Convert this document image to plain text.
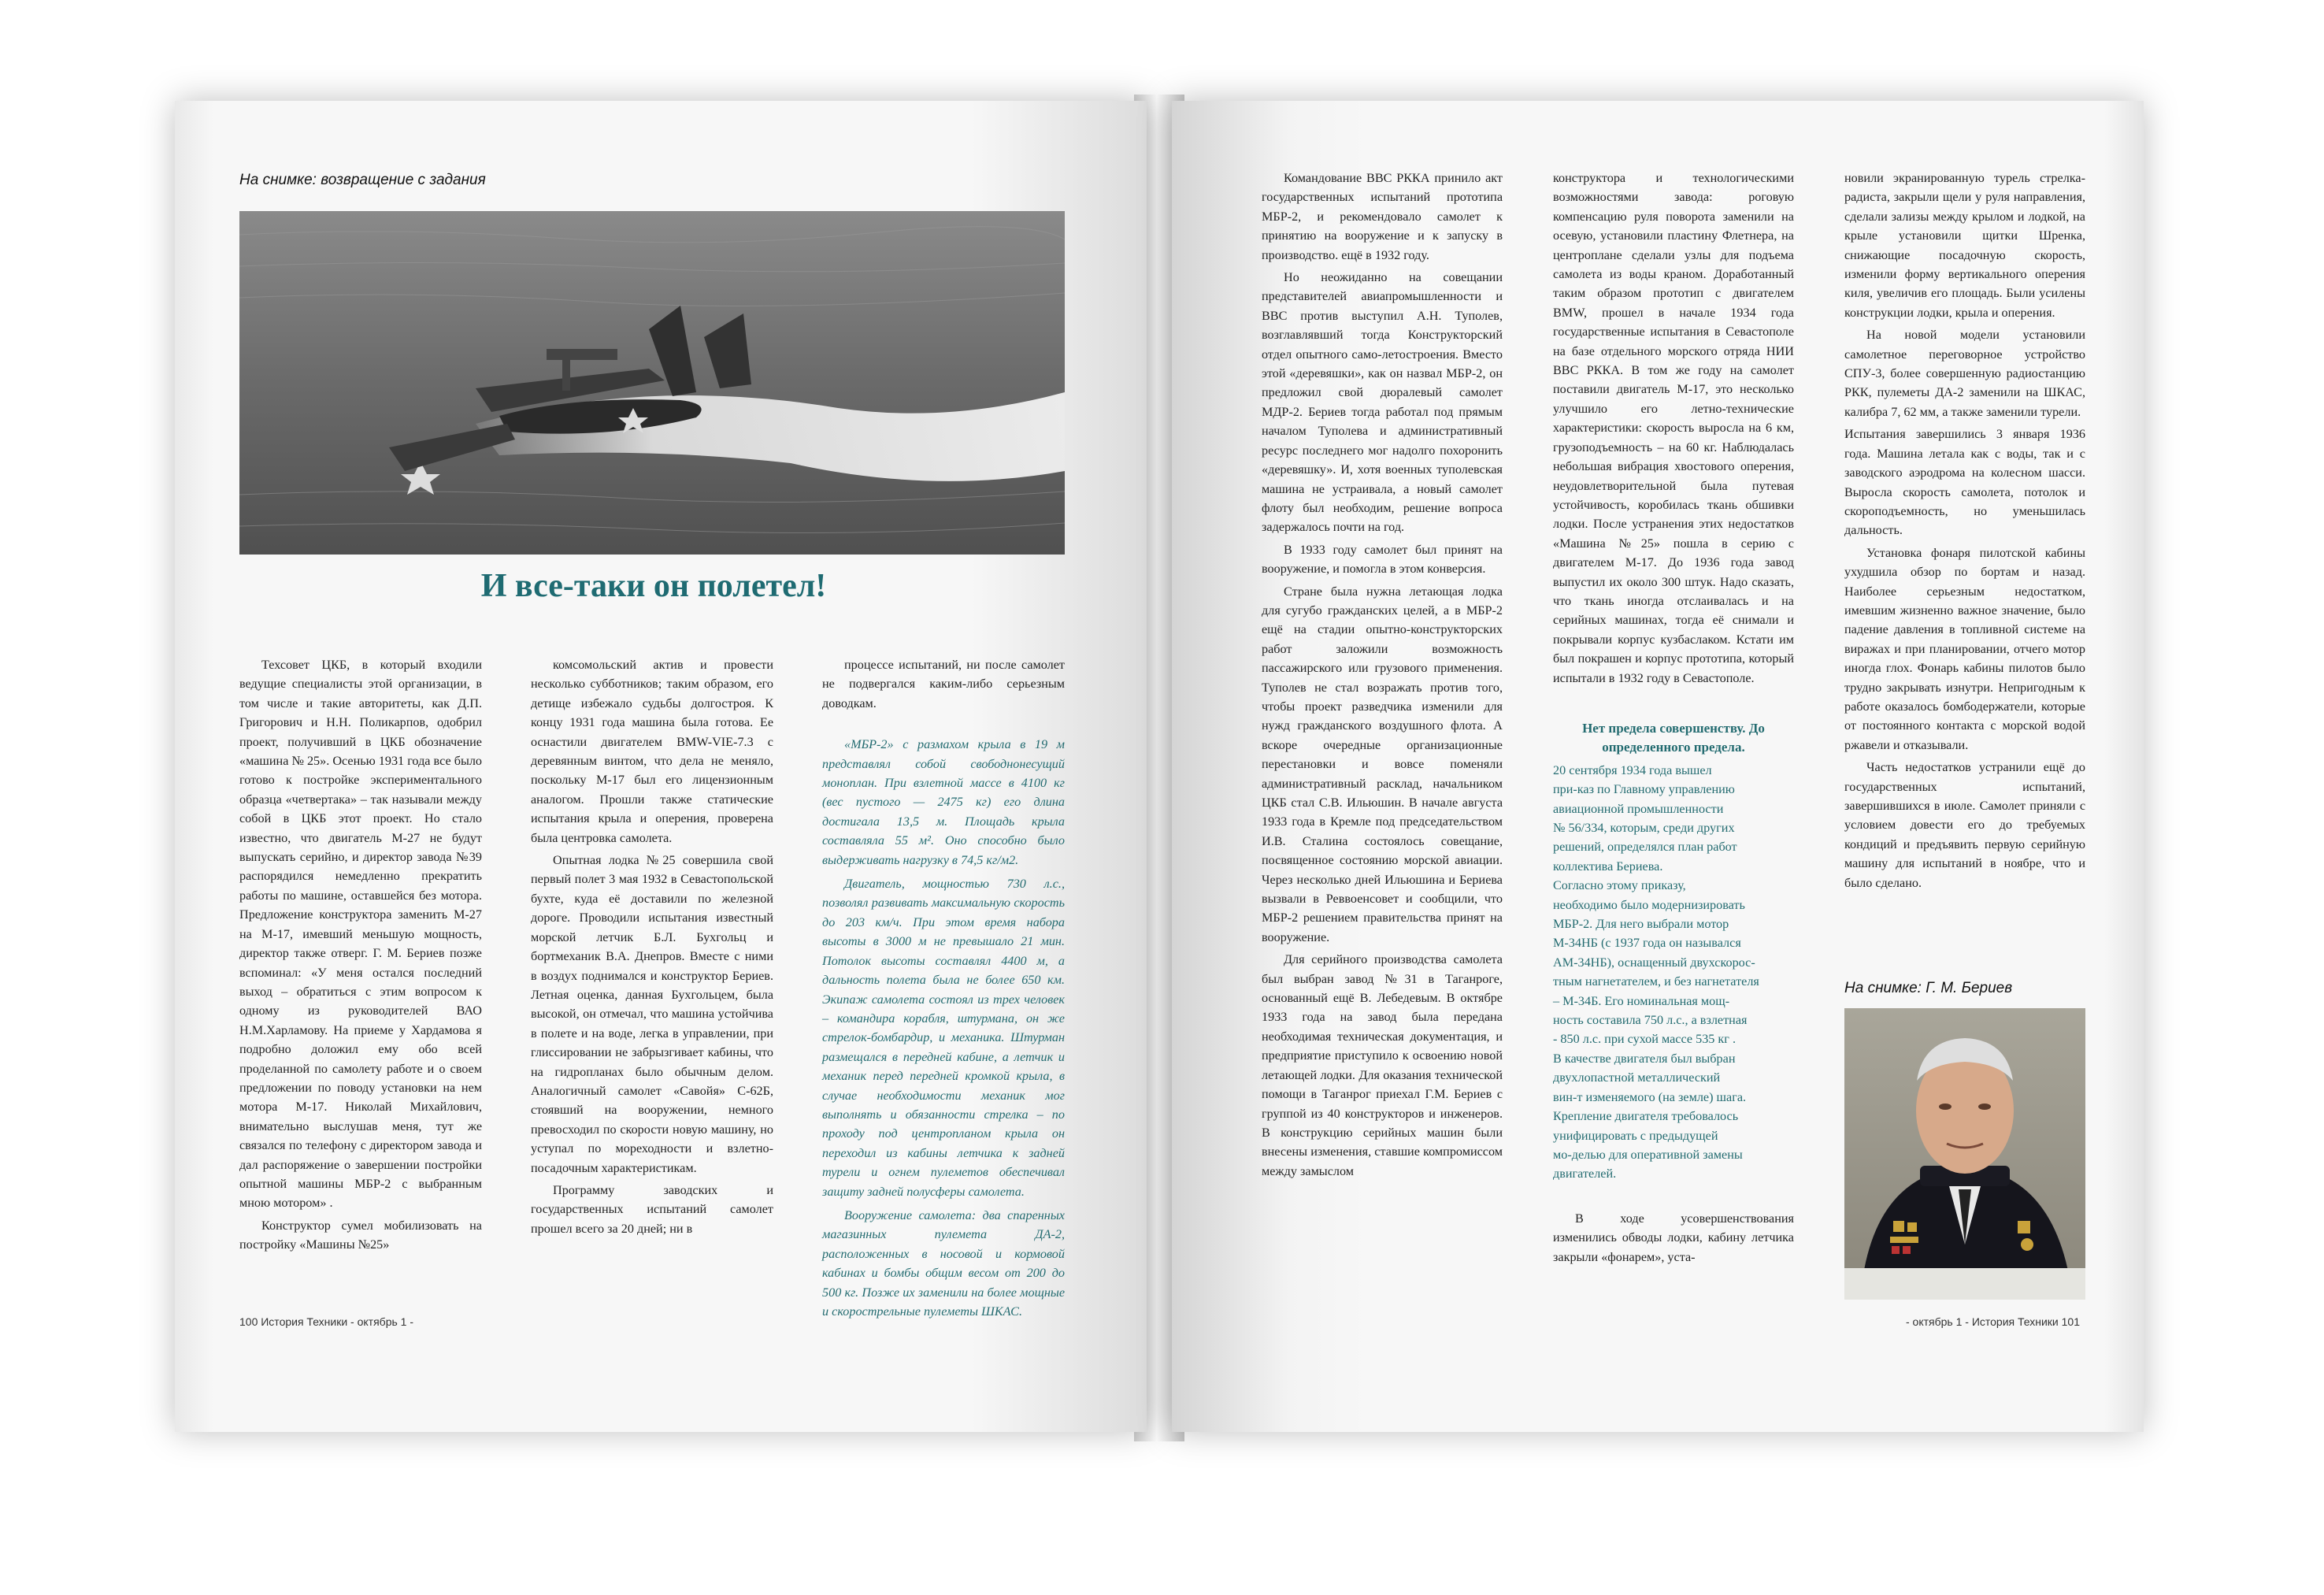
На снимке: возвращение с задания
И все-таки он полетел!

Техсовет ЦКБ, в который входили ведущие специалисты этой организации, в том числе и такие авторитеты, как Д.П. Григорович и Н.Н. Поликарпов, одобрил проект, получивший в ЦКБ обозначение «машина № 25». Осенью 1931 года все было готово к постройке экспериментального образца «четвертака» – так называли между собой в ЦКБ этот проект. Но стало известно, что двигатель М-27 не будут выпускать серийно, и директор завода №39 распорядился немедленно прекратить работы по машине, оставшейся без мотора. Предложение конструктора заменить М-27 на М-17, имевший меньшую мощность, директор также отверг. Г. М. Бериев позже вспоминал: «У меня остался последний выход – обратиться с этим вопросом к одному из руководителей ВАО Н.М.Харламову. На приеме у Хардамова я подробно доложил ему обо всей проделанной по самолету работе и о своем предложении по поводу установки на нем мотора М-17. Николай Михайлович, внимательно выслушав меня, тут же связался по телефону с директором завода и дал распоряжение о завершении постройки опытной машины МБР-2 с выбранным мною мотором» .

Конструктор сумел мобилизовать на постройку «Машины №25»

комсомольский актив и провести несколько субботников; таким образом, его детище избежало судьбы долгостроя. К концу 1931 года машина была готова. Ее оснастили двигателем BMW-VIE-7.3 с деревянным винтом, что дела не меняло, поскольку М-17 был его лицензионным аналогом. Прошли также статические испытания крыла и оперения, проверена была центровка самолета.

Опытная лодка №25 совершила свой первый полет 3 мая 1932 в Севастопольской бухте, куда её доставили по железной дороге. Проводили испытания известный морской летчик Б.Л. Бухгольц и бортмеханик В.А. Днепров. Вместе с ними в воздух поднимался и конструктор Бериев. Летная оценка, данная Бухгольцем, была высокой, он отмечал, что машина устойчива в полете и на воде, легка в управлении, при глиссировании не забрызгивает кабины, что на гидропланах было обычным делом. Аналогичный самолет «Савойя» С-62Б, стоявший на вооружении, немного превосходил по скорости новую машину, но уступал по мореходности и взлетно-посадочным характеристикам.

Программу заводских и государственных испытаний самолет прошел всего за 20 дней; ни в

процессе испытаний, ни после самолет не подвергался каким-либо серьезным доводкам.

«МБР-2» с размахом крыла в 19 м представлял собой свободнонесущий моноплан. При взлетной массе в 4100 кг (вес пустого — 2475 кг) его длина достигала 13,5 м. Площадь крыла составляла 55 м². Оно способно было выдерживать нагрузку в 74,5 кг/м2.

Двигатель, мощностью 730 л.с., позволял развивать максимальную скорость до 203 км/ч. При этом время набора высоты в 3000 м не превышало 21 мин. Потолок высоты составлял 4400 м, а дальность полета была не более 650 км. Экипаж самолета состоял из трех человек – командира корабля, штурмана, он же стрелок-бомбардир, и механика. Штурман размещался в передней кабине, а летчик и механик перед передней кромкой крыла, в случае необходимости механик мог выполнять и обязанности стрелка – по проходу под центропланом крыла он переходил из кабины летчика к задней турели и огнем пулеметов обеспечивал защиту задней полусферы самолета.

Вооружение самолета: два спаренных магазинных пулемета ДА-2, расположенных в носовой и кормовой кабинах и бомбы общим весом от 200 до 500 кг. Позже их заменили на более мощные и скорострельные пулеметы ШКАС.

100 История Техники - октябрь 1 -

Командование ВВС РККА принило акт государственных испытаний прототипа МБР-2, и рекомендовало самолет к принятию на вооружение и к запуску в производство. ещё в 1932 году.

Но неожиданно на совещании представителей авиапромышленности и ВВС против выступил А.Н. Туполев, возглавлявший тогда Конструкторский отдел опытного само-летостроения. Вместо этой «деревяшки», как он назвал МБР-2, он предложил свой дюралевый самолет МДР-2. Бериев тогда работал под прямым началом Туполева и административный ресурс последнего мог надолго похоронить «деревяшку». И, хотя военных туполевская машина не устраивала, а новый самолет флоту был необходим, решение вопроса задержалось почти на год.

В 1933 году самолет был принят на вооружение, и помогла в этом конверсия.

Стране была нужна летающая лодка для сугубо гражданских целей, а в МБР-2 ещё на стадии опытно-конструкторских работ заложили возможность пассажирского или грузового применения. Туполев не стал возражать против того, чтобы проект разведчика изменили для нужд гражданского воздушного флота. А вскоре очередные организационные перестановки и вовсе поменяли административный расклад, начальником ЦКБ стал С.В. Ильюшин. В начале августа 1933 года в Кремле под председательством И.В. Сталина состоялось совещание, посвященное состоянию морской авиации. Через несколько дней Ильюшина и Бериева вызвали в Реввоенсовет и сообщили, что МБР-2 решением правительства принят на вооружение.

Для серийного производства самолета был выбран завод №31 в Таганроге, основанный ещё В. Лебедевым. В октябре 1933 года на завод была передана необходимая техническая документация, и предприятие приступило к освоению новой летающей лодки. Для оказания технической помощи в Таганрог приехал Г.М. Бериев с группой из 40 конструкторов и инженеров. В конструкцию серийных машин были внесены изменения, ставшие компромиссом между замыслом

конструктора и технологическими возможностями завода: роговую компенсацию руля поворота заменили на осевую, установили пластину Флетнера, на центроплане сделали узлы для подъема самолета из воды краном. Доработанный таким образом прототип с двигателем BMW, прошел в начале 1934 года государственные испытания в Севастополе на базе отдельного морского отряда НИИ ВВС РККА. В том же году на самолет поставили двигатель М-17, это несколько улучшило его летно-технические характеристики: скорость выросла на 6 км, грузоподъемность – на 60 кг. Наблюдалась небольшая вибрация хвостового оперения, неудовлетворительной была путевая устойчивость, коробилась ткань обшивки лодки. После устранения этих недостатков «Машина №25» пошла в серию с двигателем М-17. До 1936 года завод выпустил их около 300 штук. Надо сказать, что ткань иногда отслаивалась и на серийных машинах, тогда её снимали и покрывали корпус кузбаслаком. Кстати им был покрашен и корпус прототипа, который испытали в 1932 году в Севастополе.

Нет предела совершенству. До определенного предела.

20 сентября 1934 года вышел

при-каз по Главному управлению

авиационной промышленности

№ 56/334, которым, среди других

решений, определялся план работ

коллектива Бериева.

Согласно этому приказу,

необходимо было модернизировать

МБР-2. Для него выбрали мотор

М-34НБ (с 1937 года он назывался

АМ-34НБ), оснащенный двухскорос-

тным нагнетателем, и без нагнетателя

– М-34Б. Его номинальная мощ-

ность составила 750 л.с., а взлетная

- 850 л.с. при сухой массе 535 кг .

В качестве двигателя был выбран

двухлопастной металлический

вин-т изменяемого (на земле) шага.

Крепление двигателя требовалось

унифицировать с предыдущей

мо-делью для оперативной замены

двигателей.

В ходе усовершенствования изменились обводы лодки, кабину летчика закрыли «фонарем», уста-

новили экранированную турель стрелка-радиста, закрыли щели у руля направления, сделали зализы между крылом и лодкой, на крыле установили щитки Шренка, снижающие посадочную скорость, изменили форму вертикального оперения киля, увеличив его площадь. Были усилены конструкции лодки, крыла и оперения.

На новой модели установили самолетное переговорное устройство СПУ-3, более совершенную радиостанцию РКК, пулеметы ДА-2 заменили на ШКАС, калибра 7, 62 мм, а также заменили турели.

Испытания завершились 3 января 1936 года. Машина летала как с воды, так и с заводского аэродрома на колесном шасси. Выросла скорость самолета, потолок и скороподъемность, но уменьшилась дальность.

Установка фонаря пилотской кабины ухудшила обзор по бортам и назад. Наиболее серьезным недостатком, имевшим жизненно важное значение, было падение давления в топливной системе на виражах и при планировании, отчего мотор иногда глох. Фонарь кабины пилотов было трудно закрывать изнутри. Непригодным к работе оказалось бомбодержатели, которые от постоянного контакта с морской водой ржавели и отказывали.

Часть недостатков устранили ещё до государственных испытаний, завершившихся в июле. Самолет приняли с условием довести его до требуемых кондиций и предъявить первую серийную машину для испытаний в ноябре, что и было сделано.

На снимке: Г. М. Бериев
- октябрь 1 - История Техники 101
